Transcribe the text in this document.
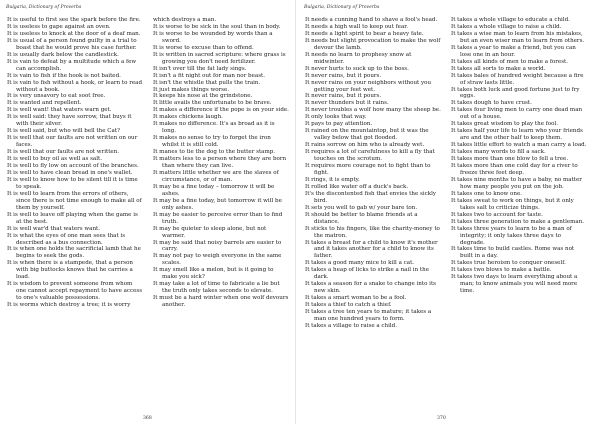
Bulgaria, Dictionary of Proverbs

It is useful to first see the spark before the fire.

It is useless to gape against an oven.

It is useless to knock at the door of a deaf man.

It is usual of a person found guilty in a trial to boast that he would prove his case further.

It is usually dark below the candlestick.

It is vain to defeat by a multitude which a few can accomplish.

It is vain to fish if the hook is not baited.

It is vain to fish without a hook, or learn to read without a book.

It is very unsavory to eat soot free.

It is wanted and repellent.

It is well want! that waters warn get.

It is well said: they have sorrow, that buys it with their silver.

It is well said, but who will bell the Cat?

It is well that our faults are not written on our faces.

It is well that our faults are not written.

It is well to buy oil as well as salt.

It is well to fly low on account of the branches.

It is well to have clean bread in one's wallet.

It is well to know how to be silent till it is time to speak.

It is well to learn from the errors of others, since there is not time enough to make all of them by yourself.

It is well to leave off playing when the game is at the best.

It is well war'd that waters want.

It is what the eyes of one man sees that is described as a bus connection.

It is when one holds the sacrificial lamb that he begins to seek the gods.

It is when there is a stampede, that a person with big buttocks knows that he carries a load.

It is wisdom to prevent someone from whom one cannot accept repayment to have access to one's valuable possessions.

It is worms which destroy a tree; it is worry

which destroys a man.

It is worse to be sick in the soul than in body.

It is worse to be wounded by words than a sword.

It is worse to excuse than to offend.

It is written in sacred scripture: where grass is growing you don't need fertilizer.

It isn't over till the fat lady sings.

It isn't a fit night out for man nor beast.

It isn't the whistle that pulls the train.

It just makes things worse.

It keeps his nose at the grindstone.

It little avails the unfortunate to be brave.

It makes a difference if the pope is on your side.

It makes chickens laugh.

It makes no difference. It's as broad as it is long.

It makes no sense to try to forget the iron whilst it is still cold.

It manes to tie the dog to the butter stamp.

It matters less to a person where they are born than where they can live.

It matters little whether we are the slaves of circumstance, or of man.

It may be a fine today – tomorrow it will be ashes.

It may be a fine today, but tomorrow it will be only ashes.

It may be easier to perceive error than to find truth.

It may be quieter to sleep alone, but not warmer.

It may be said that noisy barrels are easier to carry.

It may not pay to weigh everyone in the same scales.

It may smell like a melon, but is it going to make you sick?

It may take a lot of time to fabricate a lie but the truth only takes seconds to elevate.

It must be a hard winter when one wolf devours another.

368
Bulgaria, Dictionary of Proverbs

It needs a cunning hand to shave a fool's head.

It needs a high wall to keep out fear.

It needs a light spirit to bear a heavy fate.

It needs but slight provocation to make the wolf devour the lamb.

It needs no learn to prophesy snow at midwinter.

It never hurts to suck up to the boss.

It never rains, but it pours.

It never rains on your neighbors without you getting your feet wet.

It never rains, but it pours.

It never thunders but it rains.

It never troubles a wolf how many the sheep be.

It only looks that way.

It pays to pay attention.

It rained on the mountaintop, but it was the valley below that got flooded.

It rains sorrow on him who is already wet.

It requires a lot of carefulness to kill a fly that touches on the scrotum.

It requires more courage not to fight than to fight.

It rings, it is empty.

It rolled like water off a duck's back.

It's the discontented fish that envies the sickly bird.

It sets you well to gab w/ your bare ton.

It should be better to blame friends at a distance.

It sticks to his fingers, like the charity-money to the matron.

It takes a breast for a child to know it's mother and it takes another for a child to know its father.

It takes a good many mice to kill a cat.

It takes a heap of licks to strike a nail in the dark.

It takes a season for a snake to change into its new skin.

It takes a smart woman to be a fool.

It takes a thief to catch a thief.

It takes a tree ten years to mature; it takes a man one hundred years to form.

It takes a village to raise a child.

It takes a whole village to educate a child.

It takes a whole village to raise a child.

It takes a wise man to learn from his mistakes, but an even wiser man to learn from others.

It takes a year to make a friend, but you can lose one in an hour.

It takes all kinds of men to make a forest.

It takes all sorts to make a world.

It takes bales of hundred weight because a fire of straw lasts little.

It takes both luck and good fortune just to fry eggs.

It takes dough to have crust.

It takes four living men to carry one dead man out of a house.

It takes great wisdom to play the fool.

It takes half your life to learn who your friends are and the other half to keep them.

It takes little effort to watch a man carry a load.

It takes many words to fill a sack.

It takes more than one blow to fell a tree.

It takes more than one cold day for a river to freeze three feet deep.

It takes nine months to have a baby, no matter how many people you put on the job.

It takes one to know one.

It takes sweat to work on things, but it only takes salt to criticize things.

It takes two to account for taste.

It takes three generation to make a gentleman.

It takes three years to learn to be a man of integrity; it only takes three days to degrade.

It takes time to build castles. Rome was not built in a day.

It takes true heroism to conquer oneself.

It takes two blows to make a battle.

It takes two days to learn everything about a man; to know animals you will need more time.

370
